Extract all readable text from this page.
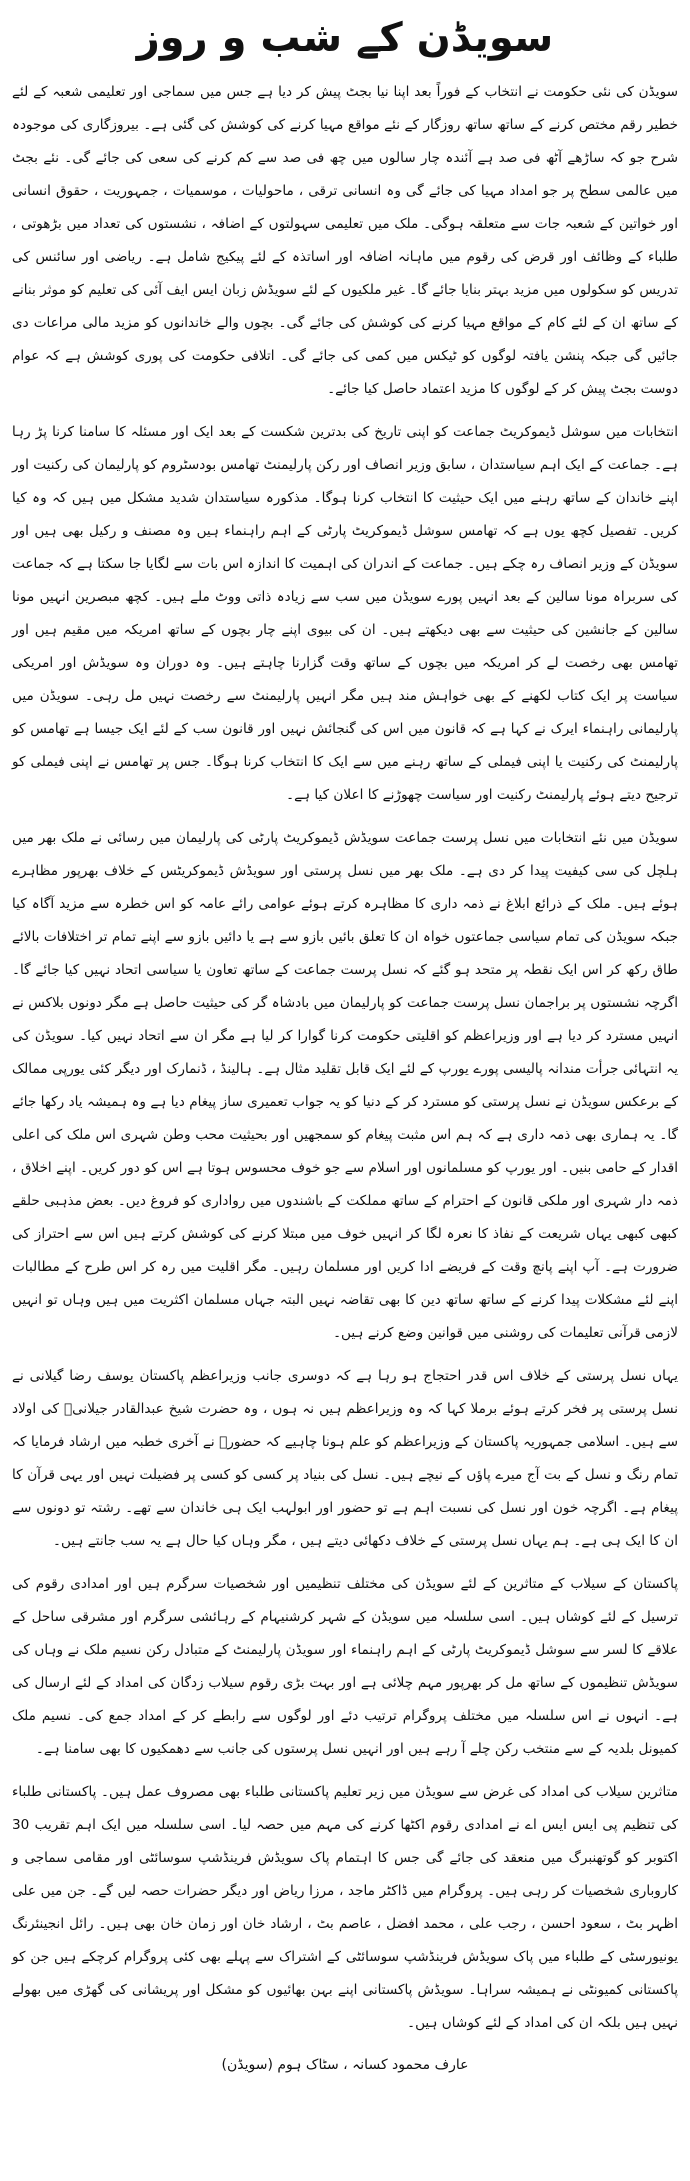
سویڈن کے شب و روز

سویڈن کی نئی حکومت نے انتخاب کے فوراً بعد اپنا نیا بجٹ پیش کر دیا ہے جس میں سماجی اور تعلیمی شعبہ کے لئے خطیر رقم مختص کرنے کے ساتھ ساتھ روزگار کے نئے مواقع مہیا کرنے کی کوشش کی گئی ہے۔ بیروزگاری کی موجودہ شرح جو کہ ساڑھے آٹھ فی صد ہے آئندہ چار سالوں میں چھ فی صد سے کم کرنے کی سعی کی جائے گی۔ نئے بجٹ میں عالمی سطح پر جو امداد مہیا کی جائے گی وہ انسانی ترقی ، ماحولیات ، موسمیات ، جمہوریت ، حقوق انسانی اور خواتین کے شعبہ جات سے متعلقہ ہوگی۔ ملک میں تعلیمی سہولتوں کے اضافہ ، نشستوں کی تعداد میں بڑھوتی ، طلباء کے وظائف اور قرض کی رقوم میں ماہانہ اضافہ اور اساتذہ کے لئے پیکیج شامل ہے۔ ریاضی اور سائنس کی تدریس کو سکولوں میں مزید بہتر بنایا جائے گا۔ غیر ملکیوں کے لئے سویڈش زبان ایس ایف آئی کی تعلیم کو موثر بنانے کے ساتھ ان کے لئے کام کے مواقع مہیا کرنے کی کوشش کی جائے گی۔ بچوں والے خاندانوں کو مزید مالی مراعات دی جائیں گی جبکہ پنشن یافتہ لوگوں کو ٹیکس میں کمی کی جائے گی۔ اتلافی حکومت کی پوری کوشش ہے کہ عوام دوست بجٹ پیش کر کے لوگوں کا مزید اعتماد حاصل کیا جائے۔

انتخابات میں سوشل ڈیموکریٹ جماعت کو اپنی تاریخ کی بدترین شکست کے بعد ایک اور مسئلہ کا سامنا کرنا پڑ رہا ہے۔ جماعت کے ایک اہم سیاستدان ، سابق وزیر انصاف اور رکن پارلیمنٹ تھامس بودسٹروم کو پارلیمان کی رکنیت اور اپنے خاندان کے ساتھ رہنے میں ایک حیثیت کا انتخاب کرنا ہوگا۔ مذکورہ سیاستدان شدید مشکل میں ہیں کہ وہ کیا کریں۔ تفصیل کچھ یوں ہے کہ تھامس سوشل ڈیموکریٹ پارٹی کے اہم راہنماء ہیں وہ مصنف و رکیل بھی ہیں اور سویڈن کے وزیر انصاف رہ چکے ہیں۔ جماعت کے اندران کی اہمیت کا اندازہ اس بات سے لگایا جا سکتا ہے کہ جماعت کی سربراہ مونا سالین کے بعد انہیں پورے سویڈن میں سب سے زیادہ ذاتی ووٹ ملے ہیں۔ کچھ مبصرین انہیں مونا سالین کے جانشین کی حیثیت سے بھی دیکھتے ہیں۔ ان کی بیوی اپنے چار بچوں کے ساتھ امریکہ میں مقیم ہیں اور تھامس بھی رخصت لے کر امریکہ میں بچوں کے ساتھ وقت گزارنا چاہتے ہیں۔ وہ دوران وہ سویڈش اور امریکی سیاست پر ایک کتاب لکھنے کے بھی خواہش مند ہیں مگر انہیں پارلیمنٹ سے رخصت نہیں مل رہی۔ سویڈن میں پارلیمانی راہنماء ایرک نے کہا ہے کہ قانون میں اس کی گنجائش نہیں اور قانون سب کے لئے ایک جیسا ہے تھامس کو پارلیمنٹ کی رکنیت یا اپنی فیملی کے ساتھ رہنے میں سے ایک کا انتخاب کرنا ہوگا۔ جس پر تھامس نے اپنی فیملی کو ترجیح دیتے ہوئے پارلیمنٹ رکنیت اور سیاست چھوڑنے کا اعلان کیا ہے۔

سویڈن میں نئے انتخابات میں نسل پرست جماعت سویڈش ڈیموکریٹ پارٹی کی پارلیمان میں رسائی نے ملک بھر میں ہلچل کی سی کیفیت پیدا کر دی ہے۔ ملک بھر میں نسل پرستی اور سویڈش ڈیموکریٹس کے خلاف بھرپور مظاہرے ہوئے ہیں۔ ملک کے ذرائع ابلاغ نے ذمہ داری کا مظاہرہ کرتے ہوئے عوامی رائے عامہ کو اس خطرہ سے مزید آگاہ کیا جبکہ سویڈن کی تمام سیاسی جماعتوں خواہ ان کا تعلق بائیں بازو سے ہے یا دائیں بازو سے اپنے تمام تر اختلافات بالائے طاق رکھ کر اس ایک نقطہ پر متحد ہو گئے کہ نسل پرست جماعت کے ساتھ تعاون یا سیاسی اتحاد نہیں کیا جائے گا۔ اگرچہ نشستوں پر براجمان نسل پرست جماعت کو پارلیمان میں بادشاہ گر کی حیثیت حاصل ہے مگر دونوں بلاکس نے انہیں مسترد کر دیا ہے اور وزیراعظم کو اقلیتی حکومت کرنا گوارا کر لیا ہے مگر ان سے اتحاد نہیں کیا۔ سویڈن کی یہ انتہائی جرأت مندانہ پالیسی پورے یورپ کے لئے ایک قابل تقلید مثال ہے۔ ہالینڈ ، ڈنمارک اور دیگر کئی یورپی ممالک کے برعکس سویڈن نے نسل پرستی کو مسترد کر کے دنیا کو یہ جواب تعمیری ساز پیغام دیا ہے وہ ہمیشہ یاد رکھا جائے گا۔ یہ ہماری بھی ذمہ داری ہے کہ ہم اس مثبت پیغام کو سمجھیں اور بحیثیت محب وطن شہری اس ملک کی اعلی اقدار کے حامی بنیں۔ اور یورپ کو مسلمانوں اور اسلام سے جو خوف محسوس ہوتا ہے اس کو دور کریں۔ اپنے اخلاق ، ذمہ دار شہری اور ملکی قانون کے احترام کے ساتھ مملکت کے باشندوں میں رواداری کو فروغ دیں۔ بعض مذہبی حلقے کبھی کبھی یہاں شریعت کے نفاذ کا نعرہ لگا کر انہیں خوف میں مبتلا کرنے کی کوشش کرتے ہیں اس سے احتراز کی ضرورت ہے۔ آپ اپنے پانچ وقت کے فریضے ادا کریں اور مسلمان رہیں۔ مگر اقلیت میں رہ کر اس طرح کے مطالبات اپنے لئے مشکلات پیدا کرنے کے ساتھ ساتھ دین کا بھی تقاضہ نہیں البتہ جہاں مسلمان اکثریت میں ہیں وہاں تو انہیں لازمی قرآنی تعلیمات کی روشنی میں قوانین وضع کرنے ہیں۔

یہاں نسل پرستی کے خلاف اس قدر احتجاج ہو رہا ہے کہ دوسری جانب وزیراعظم پاکستان یوسف رضا گیلانی نے نسل پرستی پر فخر کرتے ہوئے برملا کہا کہ وہ وزیراعظم ہیں نہ ہوں ، وہ حضرت شیخ عبدالقادر جیلانیؒ کی اولاد سے ہیں۔ اسلامی جمہوریہ پاکستان کے وزیراعظم کو علم ہونا چاہیے کہ حضورؐ نے آخری خطبہ میں ارشاد فرمایا کہ تمام رنگ و نسل کے بت آج میرے پاؤں کے نیچے ہیں۔ نسل کی بنیاد پر کسی کو کسی پر فضیلت نہیں اور یہی قرآن کا پیغام ہے۔ اگرچہ خون اور نسل کی نسبت اہم ہے تو حضور اور ابولہب ایک ہی خاندان سے تھے۔ رشتہ تو دونوں سے ان کا ایک ہی ہے۔ ہم یہاں نسل پرستی کے خلاف دکھائی دیتے ہیں ، مگر وہاں کیا حال ہے یہ سب جانتے ہیں۔

پاکستان کے سیلاب کے متاثرین کے لئے سویڈن کی مختلف تنظیمیں اور شخصیات سرگرم ہیں اور امدادی رقوم کی ترسیل کے لئے کوشاں ہیں۔ اسی سلسلہ میں سویڈن کے شہر کرشنیہام کے رہائشی سرگرم اور مشرقی ساحل کے علاقے کا لسر سے سوشل ڈیموکریٹ پارٹی کے اہم راہنماء اور سویڈن پارلیمنٹ کے متبادل رکن نسیم ملک نے وہاں کی سویڈش تنظیموں کے ساتھ مل کر بھرپور مہم چلائی ہے اور بہت بڑی رقوم سیلاب زدگان کی امداد کے لئے ارسال کی ہے۔ انہوں نے اس سلسلہ میں مختلف پروگرام ترتیب دئے اور لوگوں سے رابطے کر کے امداد جمع کی۔ نسیم ملک کمیونل بلدیہ کے سے منتخب رکن چلے آ رہے ہیں اور انہیں نسل پرستوں کی جانب سے دھمکیوں کا بھی سامنا ہے۔

متاثرین سیلاب کی امداد کی غرض سے سویڈن میں زیر تعلیم پاکستانی طلباء بھی مصروف عمل ہیں۔ پاکستانی طلباء کی تنظیم پی ایس ایس اے نے امدادی رقوم اکٹھا کرنے کی مہم میں حصہ لیا۔ اسی سلسلہ میں ایک اہم تقریب 30 اکتوبر کو گوتھنبرگ میں منعقد کی جائے گی جس کا اہتمام پاک سویڈش فرینڈشپ سوسائٹی اور مقامی سماجی و کاروباری شخصیات کر رہی ہیں۔ پروگرام میں ڈاکٹر ماجد ، مرزا ریاض اور دیگر حضرات حصہ لیں گے۔ جن میں علی اظہر بٹ ، سعود احسن ، رجب علی ، محمد افضل ، عاصم بٹ ، ارشاد خان اور زمان خان بھی ہیں۔ رائل انجینئرنگ یونیورسٹی کے طلباء میں پاک سویڈش فرینڈشپ سوسائٹی کے اشتراک سے پہلے بھی کئی پروگرام کرچکے ہیں جن کو پاکستانی کمیونٹی نے ہمیشہ سراہا۔ سویڈش پاکستانی اپنے بہن بھائیوں کو مشکل اور پریشانی کی گھڑی میں بھولے نہیں ہیں بلکہ ان کی امداد کے لئے کوشاں ہیں۔

عارف محمود کسانہ ، سٹاک ہوم (سویڈن)
